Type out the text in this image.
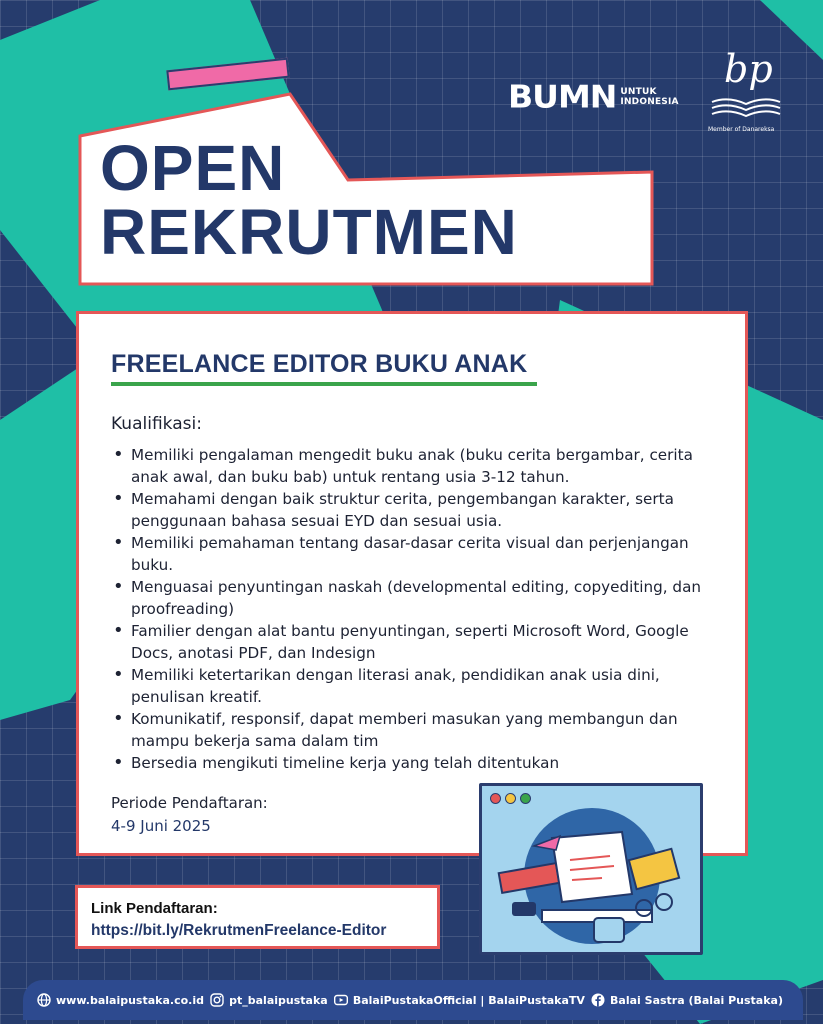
BUMN UNTUK
INDONESIA
bp
Member of Danareksa
OPEN
REKRUTMEN
FREELANCE EDITOR BUKU ANAK
Kualifikasi:
• Memiliki pengalaman mengedit buku anak (buku cerita bergambar, cerita anak awal, dan buku bab) untuk rentang usia 3-12 tahun.
• Memahami dengan baik struktur cerita, pengembangan karakter, serta penggunaan bahasa sesuai EYD dan sesuai usia.
• Memiliki pemahaman tentang dasar-dasar cerita visual dan perjenjangan buku.
• Menguasai penyuntingan naskah (developmental editing, copyediting, dan proofreading)
• Familier dengan alat bantu penyuntingan, seperti Microsoft Word, Google Docs, anotasi PDF, dan Indesign
• Memiliki ketertarikan dengan literasi anak, pendidikan anak usia dini, penulisan kreatif.
• Komunikatif, responsif, dapat memberi masukan yang membangun dan mampu bekerja sama dalam tim
• Bersedia mengikuti timeline kerja yang telah ditentukan
Periode Pendaftaran:
4-9 Juni 2025
Link Pendaftaran:
https://bit.ly/RekrutmenFreelance-Editor
www.balaipustaka.co.id pt_balaipustaka BalaiPustakaOfficial | BalaiPustakaTV Balai Sastra (Balai Pustaka)
